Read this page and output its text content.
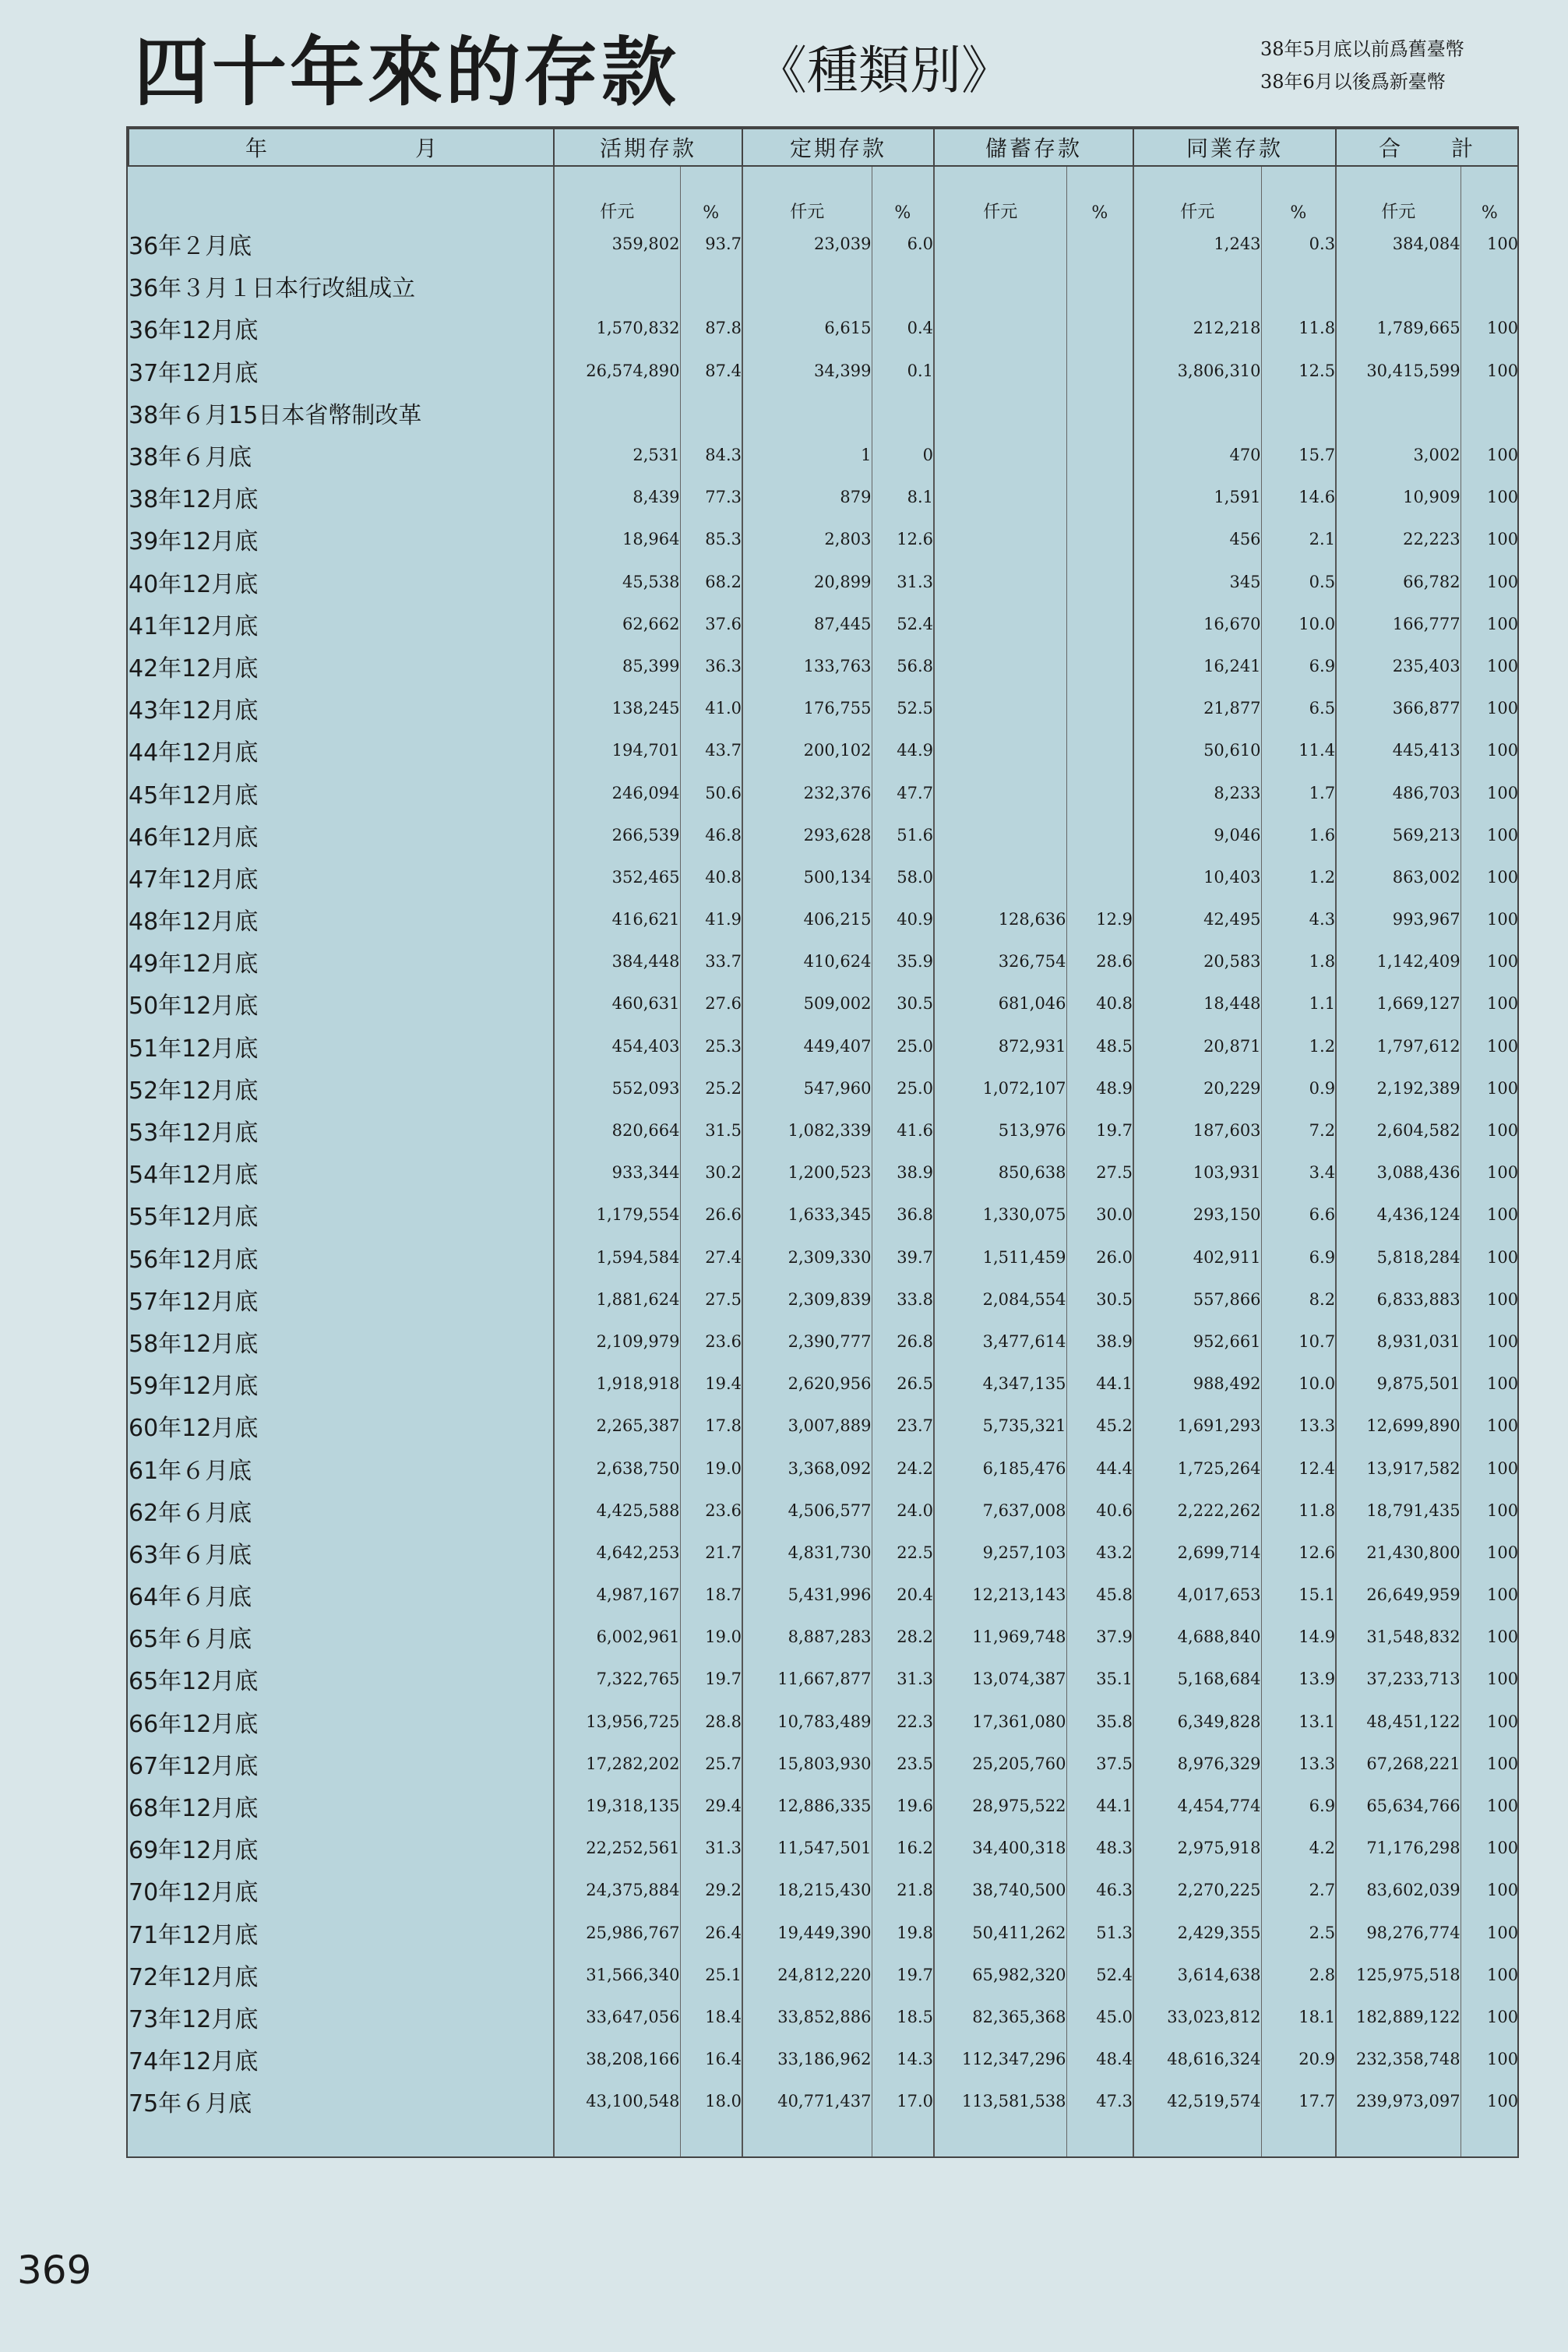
四十年來的存款 《種類別》	38年5月底以前爲舊臺幣
38年6月以後爲新臺幣
年 月	活期存款		定期存款		儲蓄存款		同業存款		合　　計	
	仟元	%	仟元	%	仟元	%	仟元	%	仟元	%
36年２月底	359,802	93.7	23,039	6.0			1,243	0.3	384,084	100
36年３月１日本行改組成立										
36年12月底	1,570,832	87.8	6,615	0.4			212,218	11.8	1,789,665	100
37年12月底	26,574,890	87.4	34,399	0.1			3,806,310	12.5	30,415,599	100
38年６月15日本省幣制改革										
38年６月底	2,531	84.3	1	0			470	15.7	3,002	100
38年12月底	8,439	77.3	879	8.1			1,591	14.6	10,909	100
39年12月底	18,964	85.3	2,803	12.6			456	2.1	22,223	100
40年12月底	45,538	68.2	20,899	31.3			345	0.5	66,782	100
41年12月底	62,662	37.6	87,445	52.4			16,670	10.0	166,777	100
42年12月底	85,399	36.3	133,763	56.8			16,241	6.9	235,403	100
43年12月底	138,245	41.0	176,755	52.5			21,877	6.5	366,877	100
44年12月底	194,701	43.7	200,102	44.9			50,610	11.4	445,413	100
45年12月底	246,094	50.6	232,376	47.7			8,233	1.7	486,703	100
46年12月底	266,539	46.8	293,628	51.6			9,046	1.6	569,213	100
47年12月底	352,465	40.8	500,134	58.0			10,403	1.2	863,002	100
48年12月底	416,621	41.9	406,215	40.9	128,636	12.9	42,495	4.3	993,967	100
49年12月底	384,448	33.7	410,624	35.9	326,754	28.6	20,583	1.8	1,142,409	100
50年12月底	460,631	27.6	509,002	30.5	681,046	40.8	18,448	1.1	1,669,127	100
51年12月底	454,403	25.3	449,407	25.0	872,931	48.5	20,871	1.2	1,797,612	100
52年12月底	552,093	25.2	547,960	25.0	1,072,107	48.9	20,229	0.9	2,192,389	100
53年12月底	820,664	31.5	1,082,339	41.6	513,976	19.7	187,603	7.2	2,604,582	100
54年12月底	933,344	30.2	1,200,523	38.9	850,638	27.5	103,931	3.4	3,088,436	100
55年12月底	1,179,554	26.6	1,633,345	36.8	1,330,075	30.0	293,150	6.6	4,436,124	100
56年12月底	1,594,584	27.4	2,309,330	39.7	1,511,459	26.0	402,911	6.9	5,818,284	100
57年12月底	1,881,624	27.5	2,309,839	33.8	2,084,554	30.5	557,866	8.2	6,833,883	100
58年12月底	2,109,979	23.6	2,390,777	26.8	3,477,614	38.9	952,661	10.7	8,931,031	100
59年12月底	1,918,918	19.4	2,620,956	26.5	4,347,135	44.1	988,492	10.0	9,875,501	100
60年12月底	2,265,387	17.8	3,007,889	23.7	5,735,321	45.2	1,691,293	13.3	12,699,890	100
61年６月底	2,638,750	19.0	3,368,092	24.2	6,185,476	44.4	1,725,264	12.4	13,917,582	100
62年６月底	4,425,588	23.6	4,506,577	24.0	7,637,008	40.6	2,222,262	11.8	18,791,435	100
63年６月底	4,642,253	21.7	4,831,730	22.5	9,257,103	43.2	2,699,714	12.6	21,430,800	100
64年６月底	4,987,167	18.7	5,431,996	20.4	12,213,143	45.8	4,017,653	15.1	26,649,959	100
65年６月底	6,002,961	19.0	8,887,283	28.2	11,969,748	37.9	4,688,840	14.9	31,548,832	100
65年12月底	7,322,765	19.7	11,667,877	31.3	13,074,387	35.1	5,168,684	13.9	37,233,713	100
66年12月底	13,956,725	28.8	10,783,489	22.3	17,361,080	35.8	6,349,828	13.1	48,451,122	100
67年12月底	17,282,202	25.7	15,803,930	23.5	25,205,760	37.5	8,976,329	13.3	67,268,221	100
68年12月底	19,318,135	29.4	12,886,335	19.6	28,975,522	44.1	4,454,774	6.9	65,634,766	100
69年12月底	22,252,561	31.3	11,547,501	16.2	34,400,318	48.3	2,975,918	4.2	71,176,298	100
70年12月底	24,375,884	29.2	18,215,430	21.8	38,740,500	46.3	2,270,225	2.7	83,602,039	100
71年12月底	25,986,767	26.4	19,449,390	19.8	50,411,262	51.3	2,429,355	2.5	98,276,774	100
72年12月底	31,566,340	25.1	24,812,220	19.7	65,982,320	52.4	3,614,638	2.8	125,975,518	100
73年12月底	33,647,056	18.4	33,852,886	18.5	82,365,368	45.0	33,023,812	18.1	182,889,122	100
74年12月底	38,208,166	16.4	33,186,962	14.3	112,347,296	48.4	48,616,324	20.9	232,358,748	100
75年６月底	43,100,548	18.0	40,771,437	17.0	113,581,538	47.3	42,519,574	17.7	239,973,097	100

369
